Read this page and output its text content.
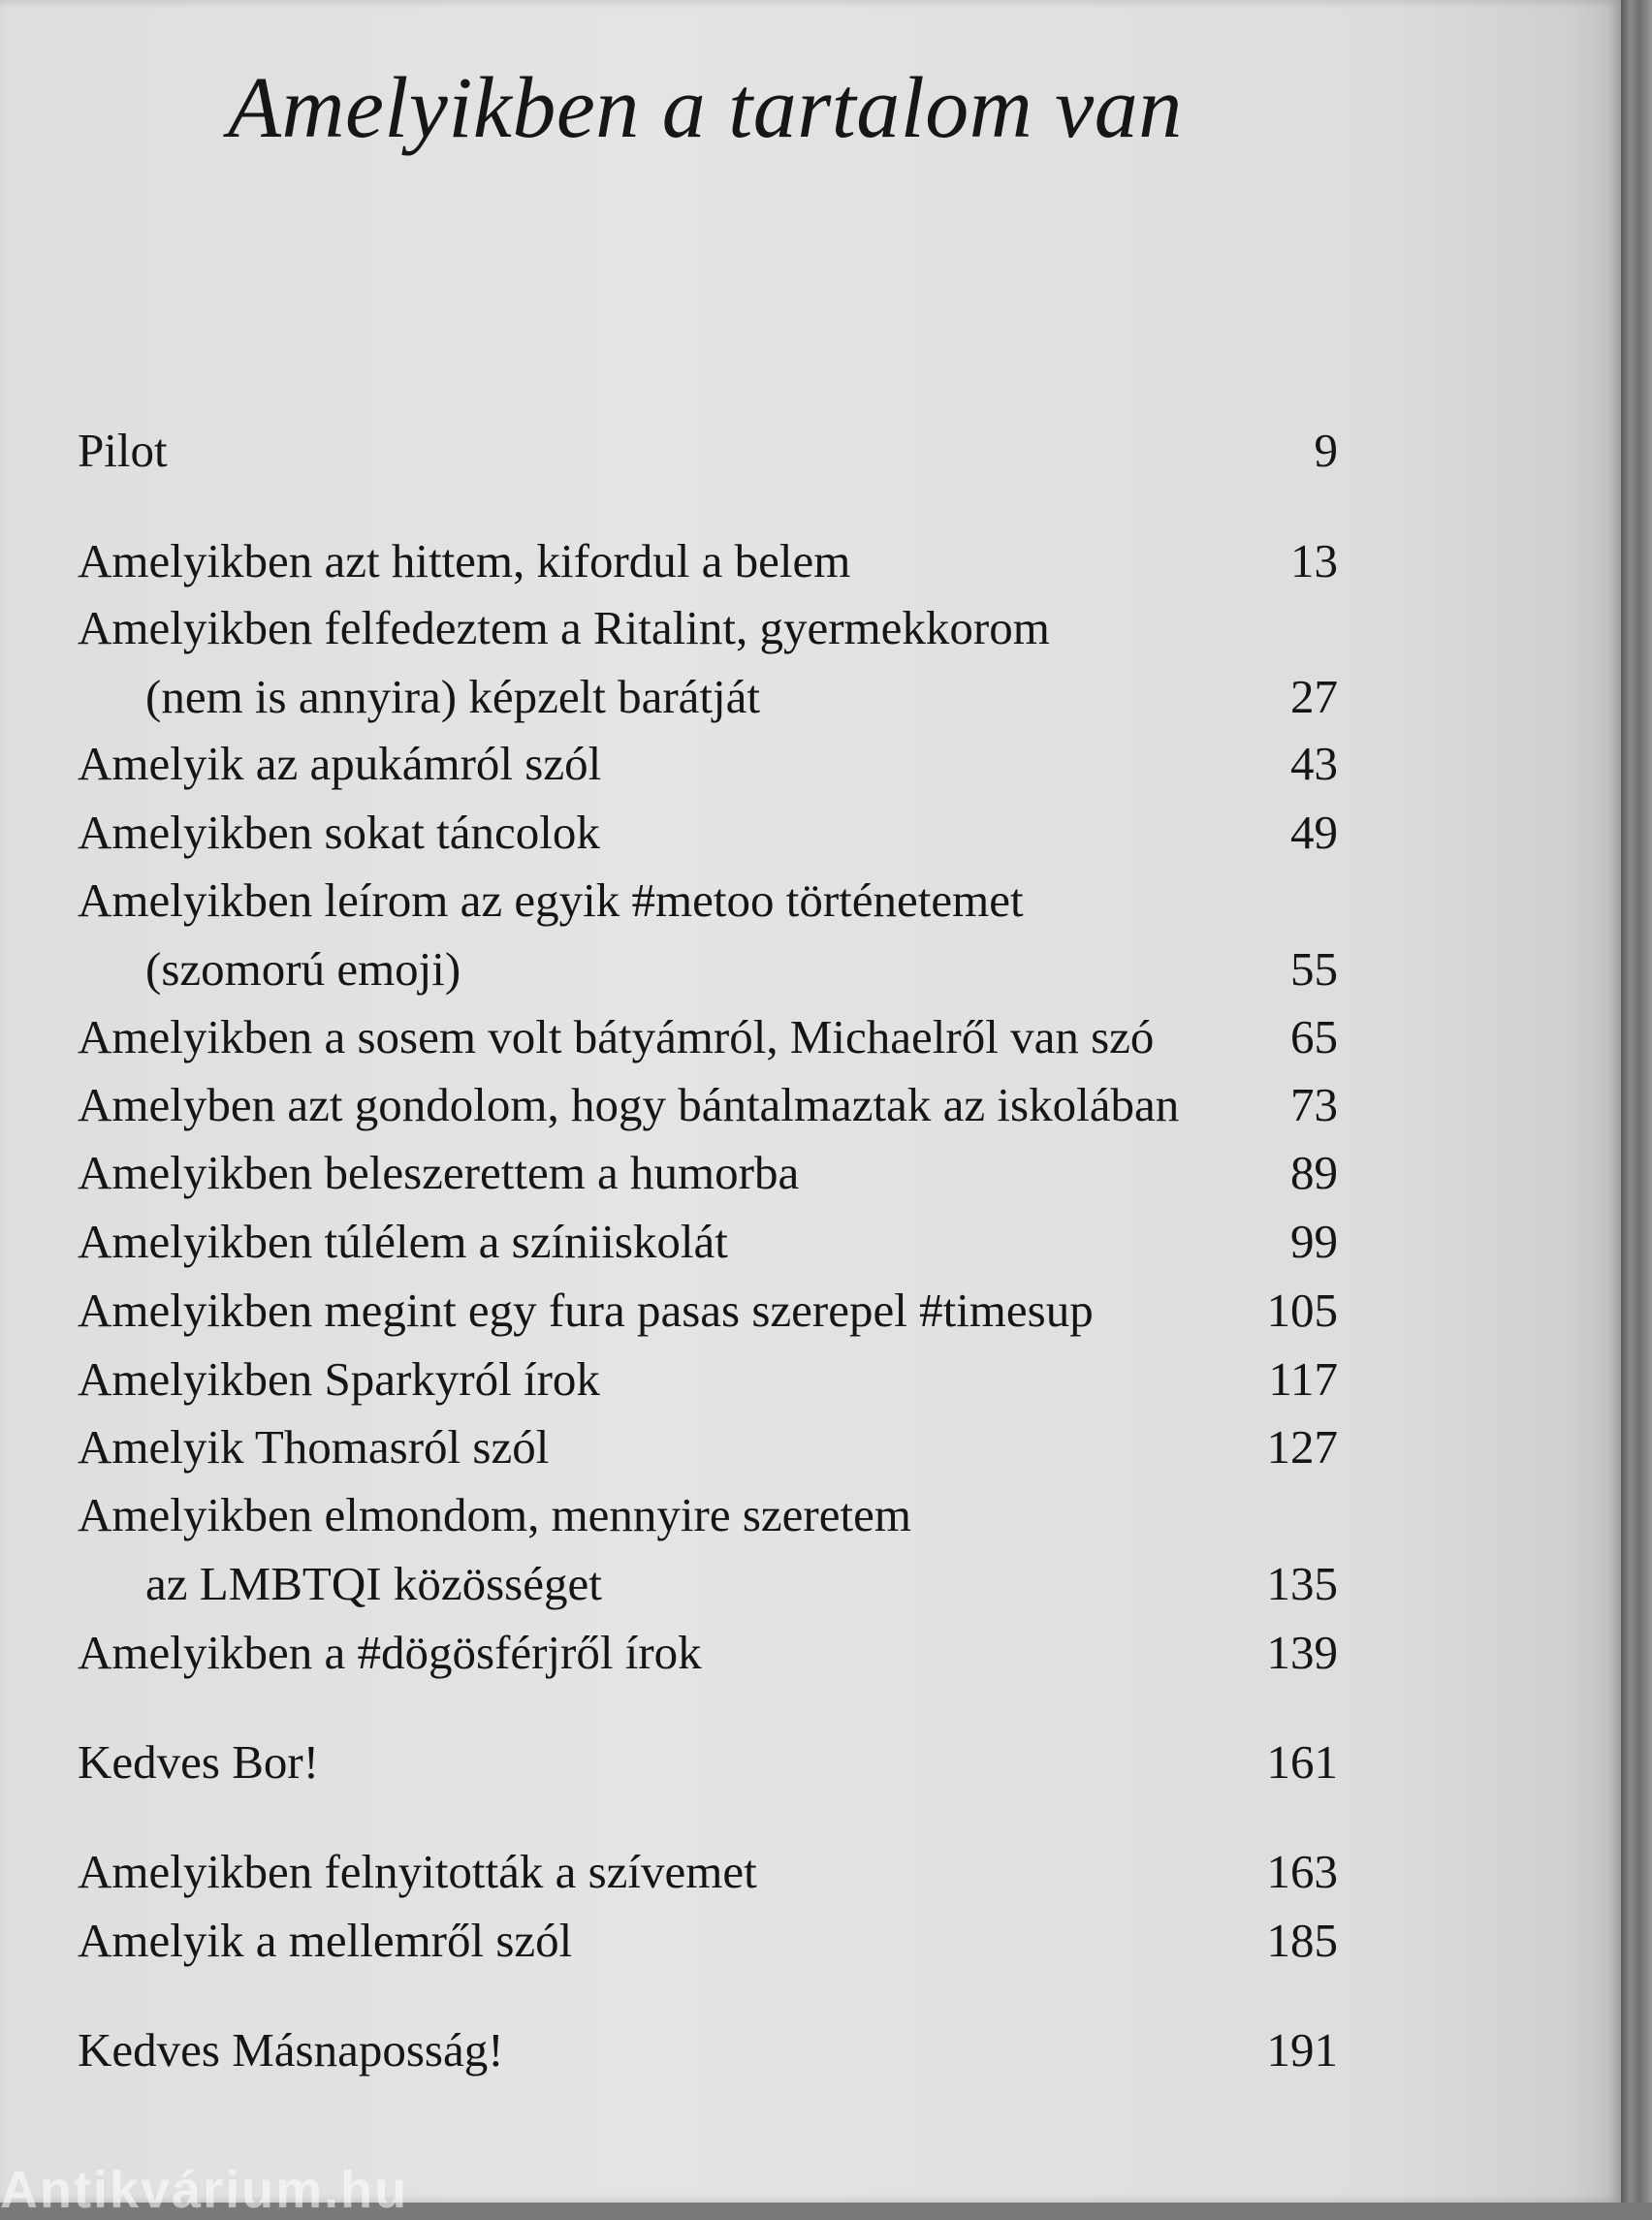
Amelyikben a tartalom van
Pilot	9
Amelyikben azt hittem, kifordul a belem	13
Amelyikben felfedeztem a Ritalint, gyermekkorom
(nem is annyira) képzelt barátját	27
Amelyik az apukámról szól	43
Amelyikben sokat táncolok	49
Amelyikben leírom az egyik #metoo történetemet
(szomorú emoji)	55
Amelyikben a sosem volt bátyámról, Michaelről van szó	65
Amelyben azt gondolom, hogy bántalmaztak az iskolában	73
Amelyikben beleszerettem a humorba	89
Amelyikben túlélem a színiiskolát	99
Amelyikben megint egy fura pasas szerepel #timesup	105
Amelyikben Sparkyról írok	117
Amelyik Thomasról szól	127
Amelyikben elmondom, mennyire szeretem
az LMBTQI közösséget	135
Amelyikben a #dögösférjről írok	139
Kedves Bor!	161
Amelyikben felnyitották a szívemet	163
Amelyik a mellemről szól	185
Kedves Másnaposság!	191
Antikvárium.hu
